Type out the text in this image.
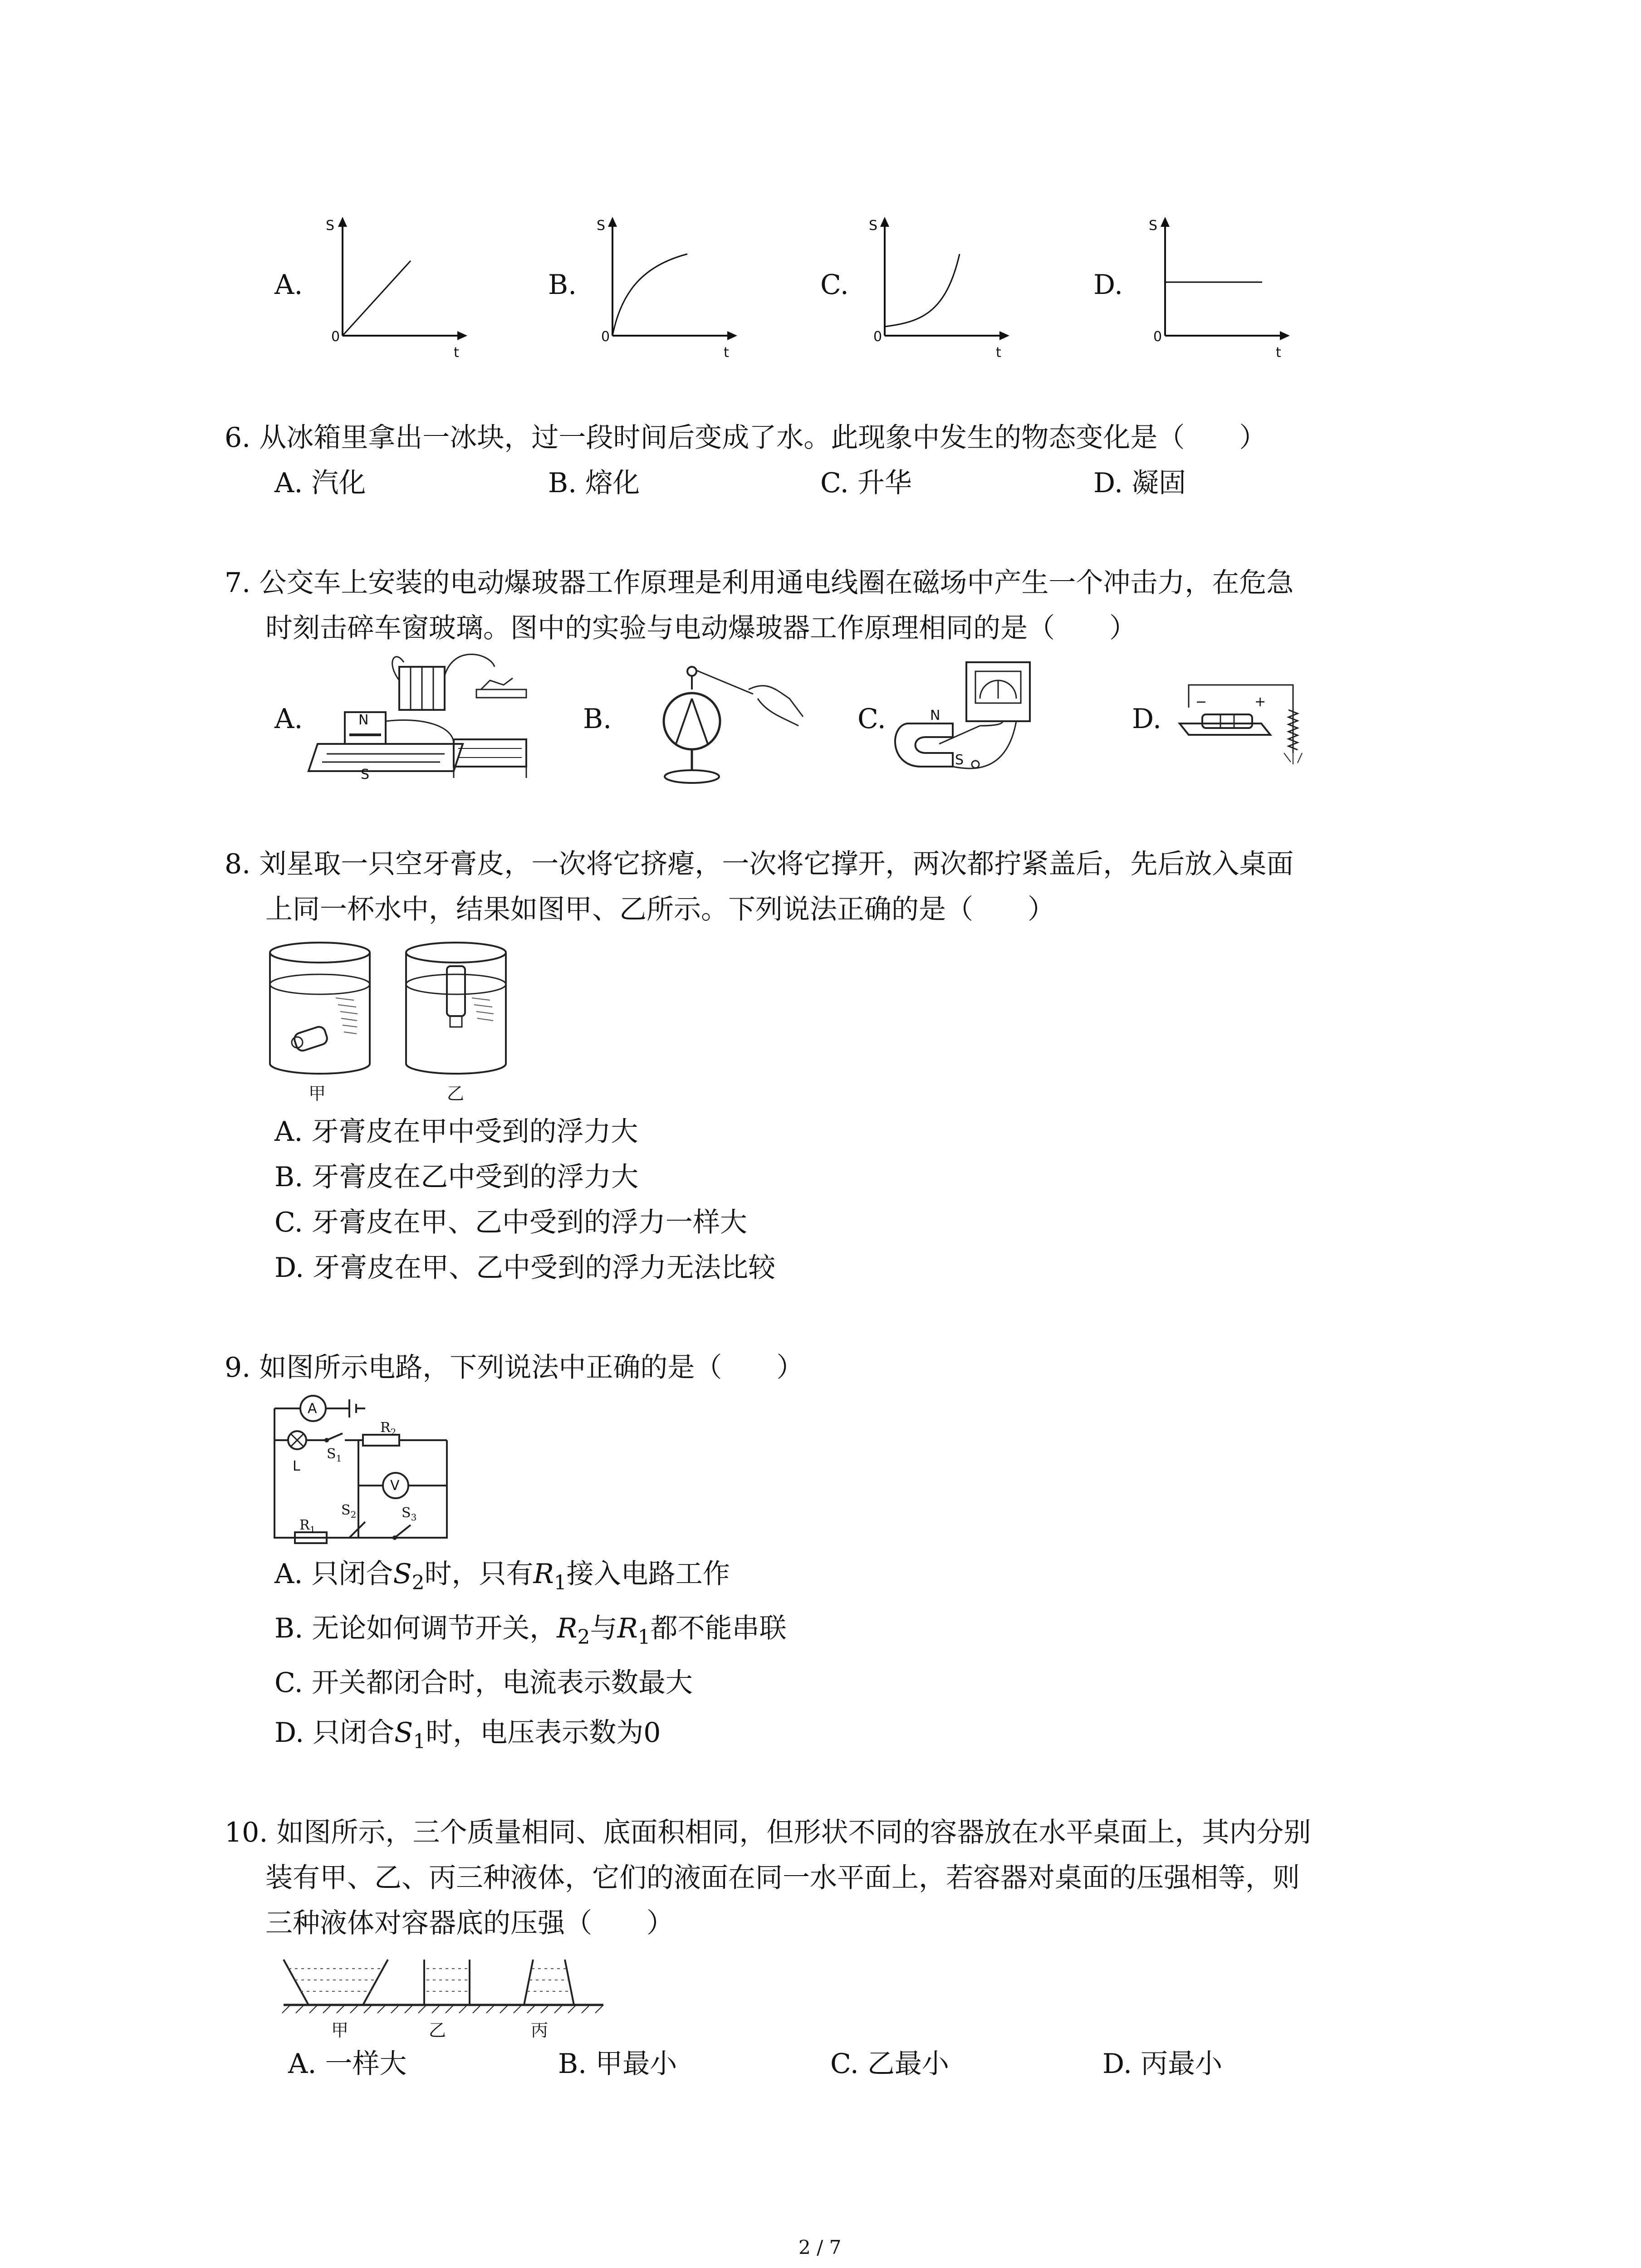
A.
S
0
t
B.
S
0
t
C.
S
0
t
D.
S
0
t
6. 从冰箱里拿出一冰块，过一段时间后变成了水。此现象中发生的物态变化是（　　）
A. 汽化	B. 熔化	C. 升华	D. 凝固
7. 公交车上安装的电动爆玻器工作原理是利用通电线圈在磁场中产生一个冲击力，在危急
时刻击碎车窗玻璃。图中的实验与电动爆玻器工作原理相同的是（　　）
A.	B.	C.	D.
N
S
N
S
−	+
8. 刘星取一只空牙膏皮，一次将它挤瘪，一次将它撑开，两次都拧紧盖后，先后放入桌面
上同一杯水中，结果如图甲、乙所示。下列说法正确的是（　　）
甲	乙
A. 牙膏皮在甲中受到的浮力大
B. 牙膏皮在乙中受到的浮力大
C. 牙膏皮在甲、乙中受到的浮力一样大
D. 牙膏皮在甲、乙中受到的浮力无法比较
9. 如图所示电路，下列说法中正确的是（　　）
A
V
L
$R_2$
$S_1$
$S_2$	$S_3$
$R_1$
A. 只闭合$S_2$时，只有$R_1$接入电路工作
B. 无论如何调节开关，$R_2$与$R_1$都不能串联
C. 开关都闭合时，电流表示数最大
D. 只闭合$S_1$时，电压表示数为0
10. 如图所示，三个质量相同、底面积相同，但形状不同的容器放在水平桌面上，其内分别
装有甲、乙、丙三种液体，它们的液面在同一水平面上，若容器对桌面的压强相等，则
三种液体对容器底的压强（　　）
甲	乙	丙
A. 一样大	B. 甲最小	C. 乙最小	D. 丙最小
2 / 7
